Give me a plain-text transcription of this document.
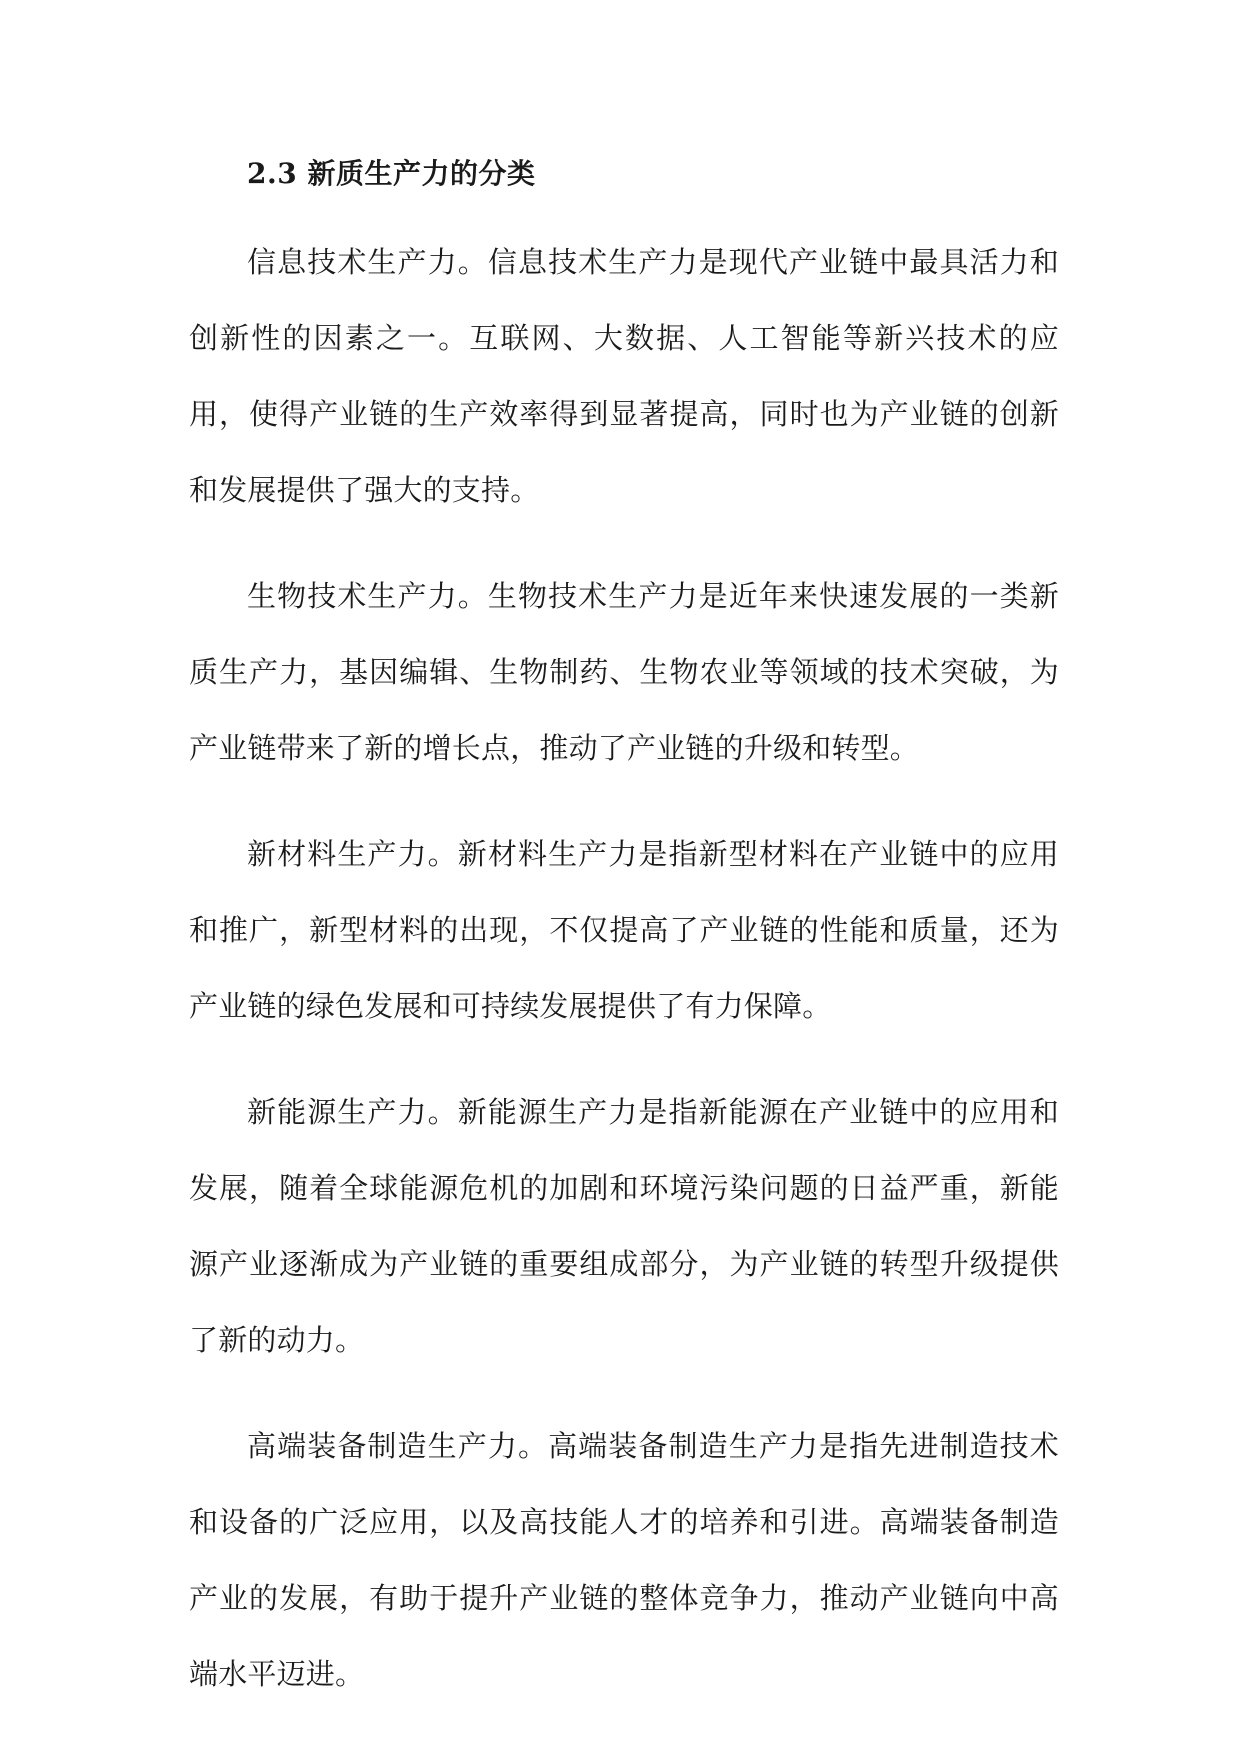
2.3 新质生产力的分类

信息技术生产力。信息技术生产力是现代产业链中最具活力和创新性的因素之一。互联网、大数据、人工智能等新兴技术的应用，使得产业链的生产效率得到显著提高，同时也为产业链的创新和发展提供了强大的支持。

生物技术生产力。生物技术生产力是近年来快速发展的一类新质生产力，基因编辑、生物制药、生物农业等领域的技术突破，为产业链带来了新的增长点，推动了产业链的升级和转型。

新材料生产力。新材料生产力是指新型材料在产业链中的应用和推广，新型材料的出现，不仅提高了产业链的性能和质量，还为产业链的绿色发展和可持续发展提供了有力保障。

新能源生产力。新能源生产力是指新能源在产业链中的应用和发展，随着全球能源危机的加剧和环境污染问题的日益严重，新能源产业逐渐成为产业链的重要组成部分，为产业链的转型升级提供了新的动力。

高端装备制造生产力。高端装备制造生产力是指先进制造技术和设备的广泛应用，以及高技能人才的培养和引进。高端装备制造产业的发展，有助于提升产业链的整体竞争力，推动产业链向中高端水平迈进。
